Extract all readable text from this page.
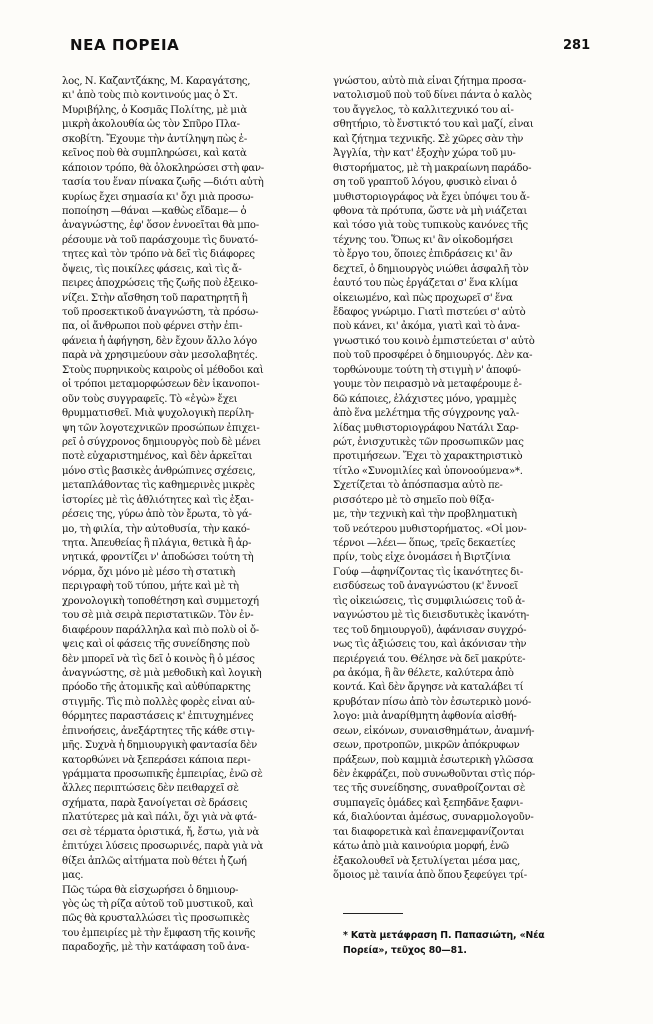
ΝΕΑ ΠΟΡΕΙΑ	281
λος, Ν. Καζαντζάκης, Μ. Καραγάτσης,
κι' ἀπὸ τοὺς πιὸ κοντινούς μας ὁ Στ.
Μυριβήλης, ὁ Κοσμᾶς Πολίτης, μὲ μιὰ
μικρὴ ἀκολουθία ὡς τὸν Σπῦρο Πλα-
σκοβίτη. Ἔχουμε τὴν ἀντίληψη πὼς ἐ-
κεῖνος ποὺ θὰ συμπληρώσει, καὶ κατὰ
κάποιον τρόπο, θὰ ὁλοκληρώσει στὴ φαν-
τασία του ἕναν πίνακα ζωῆς —διότι αὐτὴ
κυρίως ἔχει σημασία κι' ὄχι μιὰ προσω-
ποποίηση —θάναι —καθὼς εἴδαμε— ὁ
ἀναγνώστης, ἐφ' ὅσον ἐννοεῖται θὰ μπο-
ρέσουμε νὰ τοῦ παράσχουμε τὶς δυνατό-
τητες καὶ τὸν τρόπο νὰ δεῖ τὶς διάφορες
ὄψεις, τὶς ποικίλες φάσεις, καὶ τὶς ἄ-
πειρες ἀποχρώσεις τῆς ζωῆς ποὺ ἐξεικο-
νίζει. Στὴν αἴσθηση τοῦ παρατηρητῆ ἢ
τοῦ προσεκτικοῦ ἀναγνώστη, τὰ πρόσω-
πα, οἱ ἄνθρωποι ποὺ φέρνει στὴν ἐπι-
φάνεια ἡ ἀφήγηση, δὲν ἔχουν ἄλλο λόγο
παρὰ νὰ χρησιμεύουν σὰν μεσολαβητές.
Στοὺς πυρηνικοὺς καιροὺς οἱ μέθοδοι καὶ
οἱ τρόποι μεταμορφώσεων δὲν ἱκανοποι-
οῦν τοὺς συγγραφεῖς. Τὸ «ἐγὼ» ἔχει
θρυμματισθεῖ. Μιὰ ψυχολογικὴ περίλη-
ψη τῶν λογοτεχνικῶν προσώπων ἐπιχει-
ρεῖ ὁ σύγχρονος δημιουργὸς ποὺ δὲ μένει
ποτὲ εὐχαριστημένος, καὶ δὲν ἀρκεῖται
μόνο στὶς βασικὲς ἀνθρώπινες σχέσεις,
μεταπλάθοντας τὶς καθημερινὲς μικρὲς
ἱστορίες μὲ τὶς ἀθλιότητες καὶ τὶς ἐξαι-
ρέσεις της, γύρω ἀπὸ τὸν ἔρωτα, τὸ γά-
μο, τὴ φιλία, τὴν αὐτοθυσία, τὴν κακό-
τητα. Ἀπευθείας ἢ πλάγια, θετικὰ ἢ ἀρ-
νητικά, φροντίζει ν' ἀποδώσει τούτη τὴ
νόρμα, ὄχι μόνο μὲ μέσο τὴ στατικὴ
περιγραφὴ τοῦ τύπου, μήτε καὶ μὲ τὴ
χρονολογικὴ τοποθέτηση καὶ συμμετοχή
του σὲ μιὰ σειρὰ περιστατικῶν. Τὸν ἐν-
διαφέρουν παράλληλα καὶ πιὸ πολὺ οἱ ὄ-
ψεις καὶ οἱ φάσεις τῆς συνείδησης ποὺ
δὲν μπορεῖ νὰ τὶς δεῖ ὁ κοινὸς ἢ ὁ μέσος
ἀναγνώστης, σὲ μιὰ μεθοδικὴ καὶ λογικὴ
πρόοδο τῆς ἀτομικῆς καὶ αὐθύπαρκτης
στιγμῆς. Τὶς πιὸ πολλὲς φορὲς εἶναι αὐ-
θόρμητες παραστάσεις κ' ἐπιτυχημένες
ἐπινοήσεις, ἀνεξάρτητες τῆς κάθε στιγ-
μῆς. Συχνὰ ἡ δημιουργικὴ φαντασία δὲν
κατορθώνει νὰ ξεπεράσει κάποια περι-
γράμματα προσωπικῆς ἐμπειρίας, ἐνῶ σὲ
ἄλλες περιπτώσεις δὲν πειθαρχεῖ σὲ
σχήματα, παρὰ ξανοίγεται σὲ δράσεις
πλατύτερες μὰ καὶ πάλι, ὄχι γιὰ νὰ φτά-
σει σὲ τέρματα ὁριστικά, ἤ, ἔστω, γιὰ νὰ
ἐπιτύχει λύσεις προσωρινές, παρὰ γιὰ νὰ
θίξει ἁπλῶς αἰτήματα ποὺ θέτει ἡ ζωή
μας.
Πῶς τώρα θὰ εἰσχωρήσει ὁ δημιουρ-
γὸς ὡς τὴ ρίζα αὐτοῦ τοῦ μυστικοῦ, καὶ
πῶς θὰ κρυσταλλώσει τὶς προσωπικὲς
του ἐμπειρίες μὲ τὴν ἔμφαση τῆς κοινῆς
παραδοχῆς, μὲ τὴν κατάφαση τοῦ ἀνα-
γνώστου, αὐτὸ πιὰ εἶναι ζήτημα προσα-
νατολισμοῦ ποὺ τοῦ δίνει πάντα ὁ καλὸς
του ἄγγελος, τὸ καλλιτεχνικό του αἰ-
σθητήριο, τὸ ἔνστικτό του καὶ μαζί, εἶναι
καὶ ζήτημα τεχνικῆς. Σὲ χῶρες σὰν τὴν
Ἀγγλία, τὴν κατ' ἐξοχὴν χώρα τοῦ μυ-
θιστορήματος, μὲ τὴ μακραίωνη παράδο-
ση τοῦ γραπτοῦ λόγου, φυσικὸ εἶναι ὁ
μυθιστοριογράφος νὰ ἔχει ὑπόψει του ἄ-
φθονα τὰ πρότυπα, ὥστε νὰ μὴ νιάζεται
καὶ τόσο γιὰ τοὺς τυπικοὺς κανόνες τῆς
τέχνης του. Ὅπως κι' ἂν οἰκοδομήσει
τὸ ἔργο του, ὅποιες ἐπιδράσεις κι' ἂν
δεχτεῖ, ὁ δημιουργὸς νιώθει ἀσφαλῆ τὸν
ἑαυτό του πὼς ἐργάζεται σ' ἕνα κλίμα
οἰκειωμένο, καὶ πὼς προχωρεῖ σ' ἕνα
ἔδαφος γνώριμο. Γιατὶ πιστεύει σ' αὐτὸ
ποὺ κάνει, κι' ἀκόμα, γιατὶ καὶ τὸ ἀνα-
γνωστικό του κοινὸ ἐμπιστεύεται σ' αὐτὸ
ποὺ τοῦ προσφέρει ὁ δημιουργός. Δὲν κα-
τορθώνουμε τούτη τὴ στιγμὴ ν' ἀποφύ-
γουμε τὸν πειρασμὸ νὰ μεταφέρουμε ἐ-
δῶ κάποιες, ἐλάχιστες μόνο, γραμμὲς
ἀπὸ ἕνα μελέτημα τῆς σύγχρονης γαλ-
λίδας μυθιστοριογράφου Νατάλι Σαρ-
ρώτ, ἐνισχυτικὲς τῶν προσωπικῶν μας
προτιμήσεων. Ἔχει τὸ χαρακτηριστικὸ
τίτλο «Συνομιλίες καὶ ὑπονοούμενα»*.
Σχετίζεται τὸ ἀπόσπασμα αὐτὸ πε-
ρισσότερο μὲ τὸ σημεῖο ποὺ θίξα-
με, τὴν τεχνικὴ καὶ τὴν προβληματικὴ
τοῦ νεότερου μυθιστορήματος. «Οἱ μον-
τέρνοι —λέει— ὅπως, τρεῖς δεκαετίες
πρίν, τοὺς εἶχε ὀνομάσει ἡ Βιρτζίνια
Γούφ —ἀφηνίζοντας τὶς ἱκανότητες δι-
εισδύσεως τοῦ ἀναγνώστου (κ' ἔννοεῖ
τὶς οἰκειώσεις, τὶς συμφιλιώσεις τοῦ ἀ-
ναγνώστου μὲ τὶς διεισδυτικὲς ἱκανότη-
τες τοῦ δημιουργοῦ), ἀφάνισαν συγχρό-
νως τὶς ἀξιώσεις του, καὶ ἀκόνισαν τὴν
περιέργειά του. Θέλησε νὰ δεῖ μακρύτε-
ρα ἀκόμα, ἢ ἂν θέλετε, καλύτερα ἀπὸ
κοντά. Καὶ δὲν ἄργησε νὰ καταλάβει τί
κρυβόταν πίσω ἀπὸ τὸν ἐσωτερικὸ μονό-
λογο: μιὰ ἀναρίθμητη ἀφθονία αἰσθή-
σεων, εἰκόνων, συναισθημάτων, ἀναμνή-
σεων, προτροπῶν, μικρῶν ἀπόκρυφων
πράξεων, ποὺ καμμιὰ ἐσωτερικὴ γλῶσσα
δὲν ἐκφράζει, ποὺ συνωθοῦνται στὶς πόρ-
τες τῆς συνείδησης, συναθροίζονται σὲ
συμπαγεῖς ὁμάδες καὶ ξεπηδᾶνε ξαφνι-
κά, διαλύονται ἀμέσως, συναρμολογοῦν-
ται διαφορετικὰ καὶ ἐπανεμφανίζονται
κάτω ἀπὸ μιὰ καινούρια μορφή, ἐνῶ
ἐξακολουθεῖ νὰ ξετυλίγεται μέσα μας,
ὅμοιος μὲ ταινία ἀπὸ ὅπου ξεφεύγει τρί-
* Κατὰ μετάφραση Π. Παπασιώτη, «Νέα
Πορεία», τεῦχος 80—81.
